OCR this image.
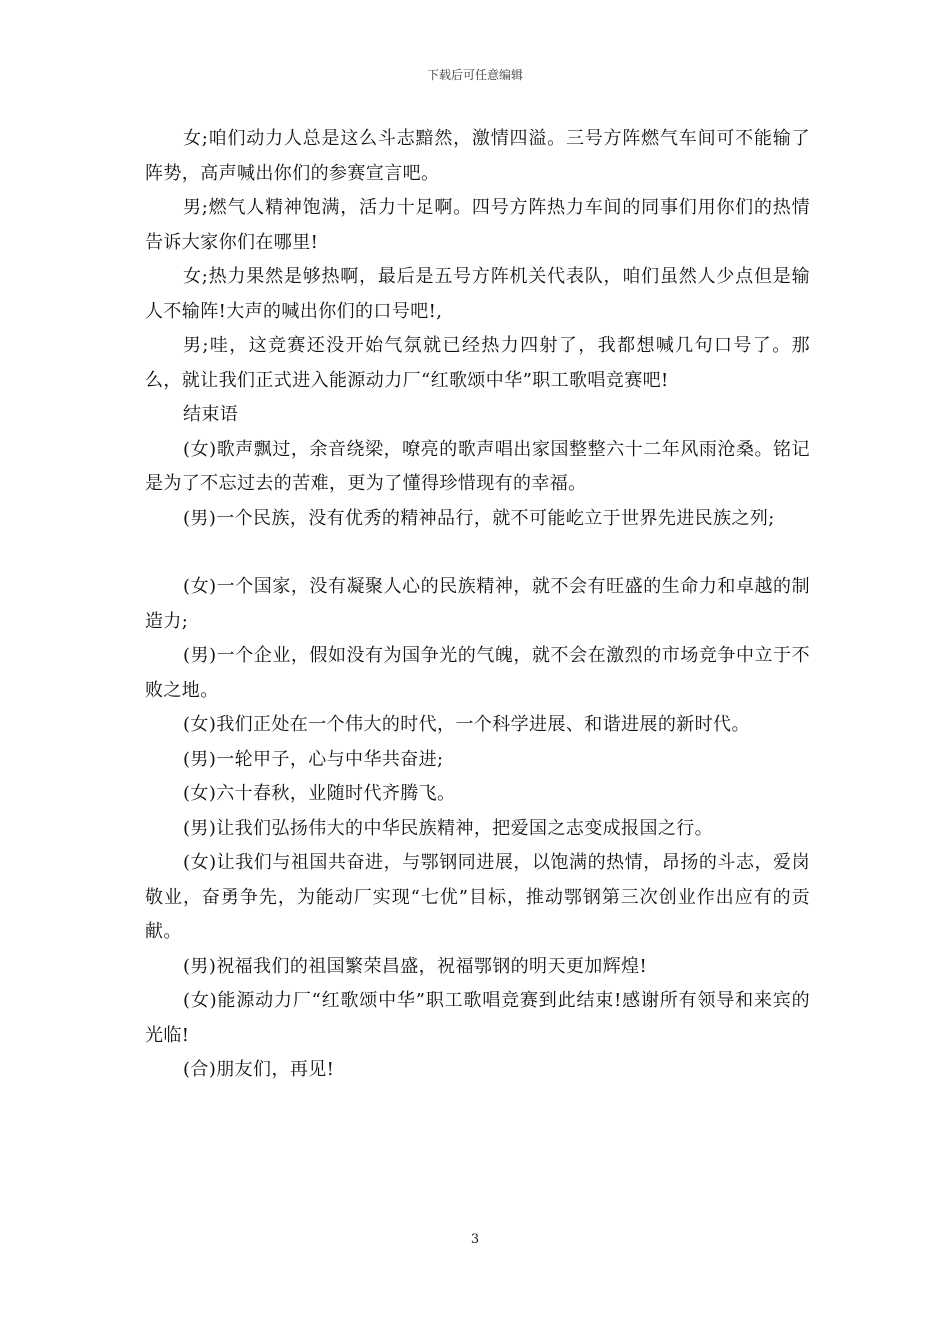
下载后可任意编辑

女;咱们动力人总是这么斗志黯然，激情四溢。三号方阵燃气车间可不能输了阵势，高声喊出你们的参赛宣言吧。

男;燃气人精神饱满，活力十足啊。四号方阵热力车间的同事们用你们的热情告诉大家你们在哪里!

女;热力果然是够热啊，最后是五号方阵机关代表队，咱们虽然人少点但是输人不输阵!大声的喊出你们的口号吧!,

男;哇，这竞赛还没开始气氛就已经热力四射了，我都想喊几句口号了。那么，就让我们正式进入能源动力厂“红歌颂中华”职工歌唱竞赛吧!

结束语

(女)歌声飘过，余音绕梁，嘹亮的歌声唱出家国整整六十二年风雨沧桑。铭记是为了不忘过去的苦难，更为了懂得珍惜现有的幸福。

(男)一个民族，没有优秀的精神品行，就不可能屹立于世界先进民族之列;

(女)一个国家，没有凝聚人心的民族精神，就不会有旺盛的生命力和卓越的制造力;

(男)一个企业，假如没有为国争光的气魄，就不会在激烈的市场竞争中立于不败之地。

(女)我们正处在一个伟大的时代，一个科学进展、和谐进展的新时代。

(男)一轮甲子，心与中华共奋进;

(女)六十春秋，业随时代齐腾飞。

(男)让我们弘扬伟大的中华民族精神，把爱国之志变成报国之行。

(女)让我们与祖国共奋进，与鄂钢同进展，以饱满的热情，昂扬的斗志，爱岗敬业，奋勇争先，为能动厂实现“七优”目标，推动鄂钢第三次创业作出应有的贡献。

(男)祝福我们的祖国繁荣昌盛，祝福鄂钢的明天更加辉煌!

(女)能源动力厂“红歌颂中华”职工歌唱竞赛到此结束!感谢所有领导和来宾的光临!

(合)朋友们，再见!

3
